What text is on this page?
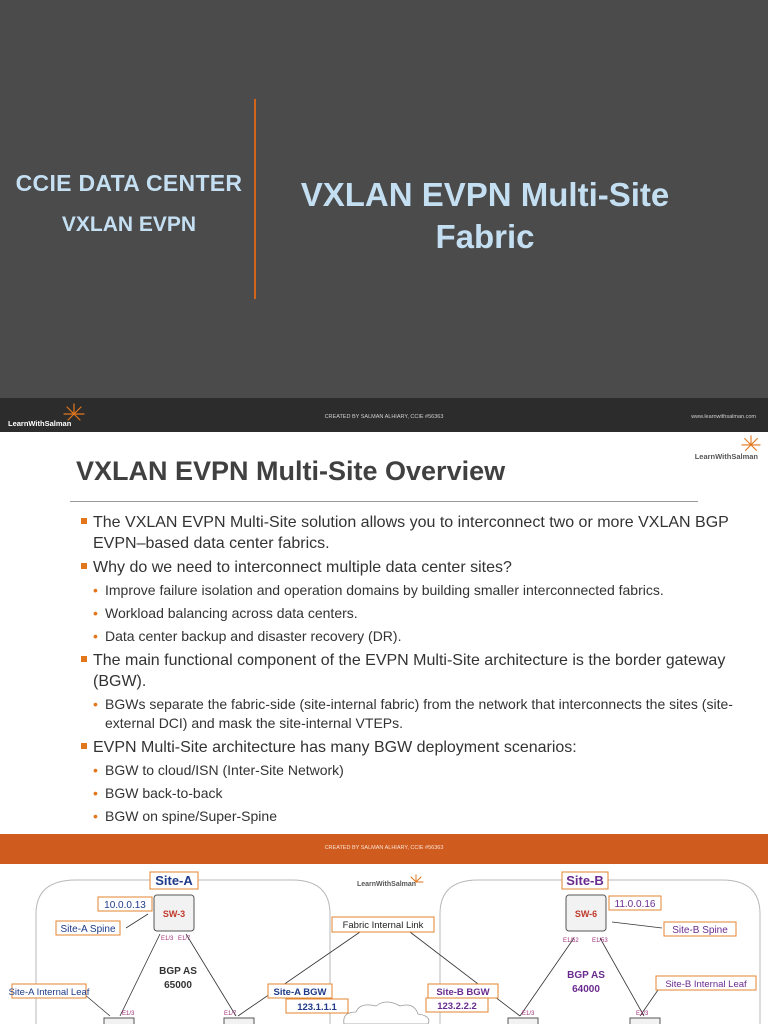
CCIE DATA CENTER
VXLAN EVPN
VXLAN EVPN Multi-Site
Fabric
LearnWithSalman
CREATED BY SALMAN ALHIARY, CCIE #56363	www.learnwithsalman.com
LearnWithSalman
VXLAN EVPN Multi-Site Overview
The VXLAN EVPN Multi-Site solution allows you to interconnect two or more VXLAN BGP EVPN–based data center fabrics.
Why do we need to interconnect multiple data center sites?
• Improve failure isolation and operation domains by building smaller interconnected fabrics.
• Workload balancing across data centers.
• Data center backup and disaster recovery (DR).
The main functional component of the EVPN Multi-Site architecture is the border gateway (BGW).
• BGWs separate the fabric-side (site-internal fabric) from the network that interconnects the sites (site-external DCI) and mask the site-internal VTEPs.
EVPN Multi-Site architecture has many BGW deployment scenarios:
• BGW to cloud/ISN (Inter-Site Network)
• BGW back-to-back
• BGW on spine/Super-Spine
CREATED BY SALMAN ALHIARY, CCIE #56363
LearnWithSalman
Site-A	Site-B
10.0.0.13
SW-3
E1/3 E1/7
Site-A Spine
BGP AS
65000
Site-A Internal Leaf
E1/3
Site-A BGW
123.1.1.1
E1/7
Fabric Internal Link
SW-6
11.0.0.16
E1/52 E1/53
Site-B Spine
BGP AS
64000	Site-B Internal Leaf
E1/3
Site-B BGW
123.2.2.2
E1/3
